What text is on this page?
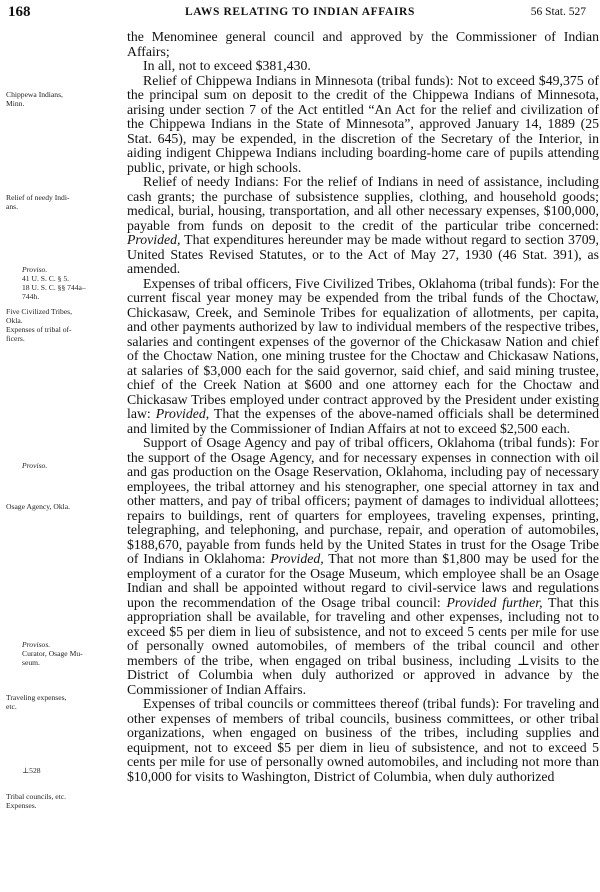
168	LAWS RELATING TO INDIAN AFFAIRS	56 Stat. 527
Chippewa Indians,
Minn.
Relief of needy Indi-
ans.
Proviso.
41 U. S. C. § 5.
18 U. S. C. §§ 744a–
744h.
Five Civilized Tribes,
Okla.
Expenses of tribal of-
ficers.
Proviso.
Osage Agency, Okla.
Provisos.
Curator, Osage Mu-
seum.
Traveling expenses,
etc.
⊥528
Tribal councils, etc.
Expenses.

the Menominee general council and approved by the Commissioner of Indian Affairs;

In all, not to exceed $381,430.

Relief of Chippewa Indians in Minnesota (tribal funds): Not to exceed $49,375 of the principal sum on deposit to the credit of the Chippewa Indians of Minnesota, arising under section 7 of the Act entitled “An Act for the relief and civilization of the Chippewa Indians in the State of Minnesota”, approved January 14, 1889 (25 Stat. 645), may be expended, in the discretion of the Secretary of the Interior, in aiding indigent Chippewa Indians including boarding-home care of pupils attending public, private, or high schools.

Relief of needy Indians: For the relief of Indians in need of assistance, including cash grants; the purchase of subsistence supplies, clothing, and household goods; medical, burial, housing, transportation, and all other necessary expenses, $100,000, payable from funds on deposit to the credit of the particular tribe concerned: Provided, That expenditures hereunder may be made without regard to section 3709, United States Revised Statutes, or to the Act of May 27, 1930 (46 Stat. 391), as amended.

Expenses of tribal officers, Five Civilized Tribes, Oklahoma (tribal funds): For the current fiscal year money may be expended from the tribal funds of the Choctaw, Chickasaw, Creek, and Seminole Tribes for equalization of allotments, per capita, and other payments authorized by law to individual members of the respective tribes, salaries and contingent expenses of the governor of the Chickasaw Nation and chief of the Choctaw Nation, one mining trustee for the Choctaw and Chickasaw Nations, at salaries of $3,000 each for the said governor, said chief, and said mining trustee, chief of the Creek Nation at $600 and one attorney each for the Choctaw and Chickasaw Tribes employed under contract approved by the President under existing law: Provided, That the expenses of the above-named officials shall be determined and limited by the Commissioner of Indian Affairs at not to exceed $2,500 each.

Support of Osage Agency and pay of tribal officers, Oklahoma (tribal funds): For the support of the Osage Agency, and for necessary expenses in connection with oil and gas production on the Osage Reservation, Oklahoma, including pay of necessary employees, the tribal attorney and his stenographer, one special attorney in tax and other matters, and pay of tribal officers; payment of damages to individual allottees; repairs to buildings, rent of quarters for employees, traveling expenses, printing, telegraphing, and telephoning, and purchase, repair, and operation of automobiles, $188,670, payable from funds held by the United States in trust for the Osage Tribe of Indians in Oklahoma: Provided, That not more than $1,800 may be used for the employment of a curator for the Osage Museum, which employee shall be an Osage Indian and shall be appointed without regard to civil-service laws and regulations upon the recommendation of the Osage tribal council: Provided further, That this appropriation shall be available, for traveling and other expenses, including not to exceed $5 per diem in lieu of subsistence, and not to exceed 5 cents per mile for use of personally owned automobiles, of members of the tribal council and other members of the tribe, when engaged on tribal business, including ⊥visits to the District of Columbia when duly authorized or approved in advance by the Commissioner of Indian Affairs.

Expenses of tribal councils or committees thereof (tribal funds): For traveling and other expenses of members of tribal councils, business committees, or other tribal organizations, when engaged on business of the tribes, including supplies and equipment, not to exceed $5 per diem in lieu of subsistence, and not to exceed 5 cents per mile for use of personally owned automobiles, and including not more than $10,000 for visits to Washington, District of Columbia, when duly authorized
